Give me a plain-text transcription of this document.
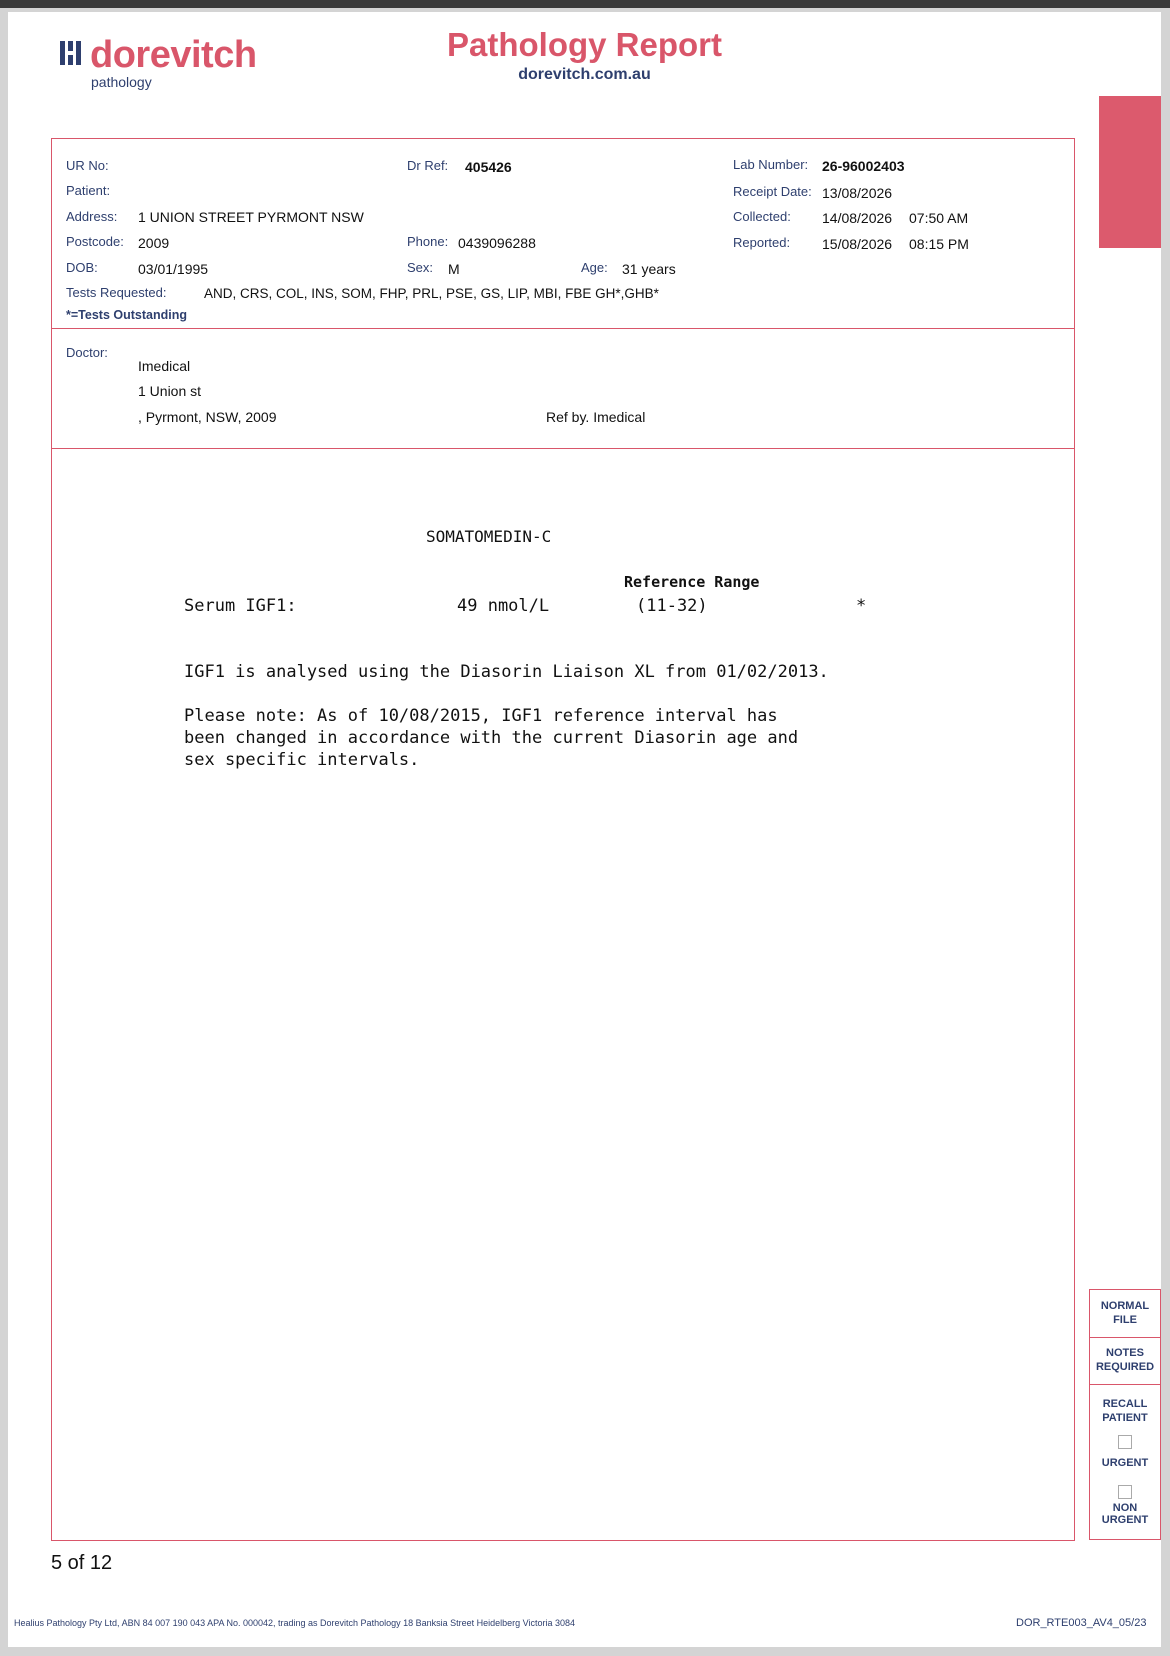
dorevitch
pathology
Pathology Report
dorevitch.com.au
UR No:
Patient:
Address: 1 UNION STREET PYRMONT NSW
Postcode: 2009
DOB:	03/01/1995
Tests Requested:	AND, CRS, COL, INS, SOM, FHP, PRL, PSE, GS, LIP, MBI, FBE GH*,GHB*
*=Tests Outstanding
Dr Ref: 405426
Phone: 0439096288
Sex: M	Age: 31 years
Lab Number: 26-96002403
Receipt Date: 13/08/2026
Collected: 14/08/2026 07:50 AM
Reported: 15/08/2026 08:15 PM
Doctor:
Imedical
1 Union st
, Pyrmont, NSW, 2009	Ref by. Imedical
SOMATOMEDIN-C
Reference Range
Serum IGF1:	49 nmol/L	(11-32)	*
IGF1 is analysed using the Diasorin Liaison XL from 01/02/2013.
Please note: As of 10/08/2015, IGF1 reference interval has
been changed in accordance with the current Diasorin age and
sex specific intervals.
NORMAL
FILE
NOTES
REQUIRED
RECALL
PATIENT
URGENT
NON
URGENT
5 of 12
Healius Pathology Pty Ltd, ABN 84 007 190 043 APA No. 000042, trading as Dorevitch Pathology 18 Banksia Street Heidelberg Victoria 3084	DOR_RTE003_AV4_05/23
